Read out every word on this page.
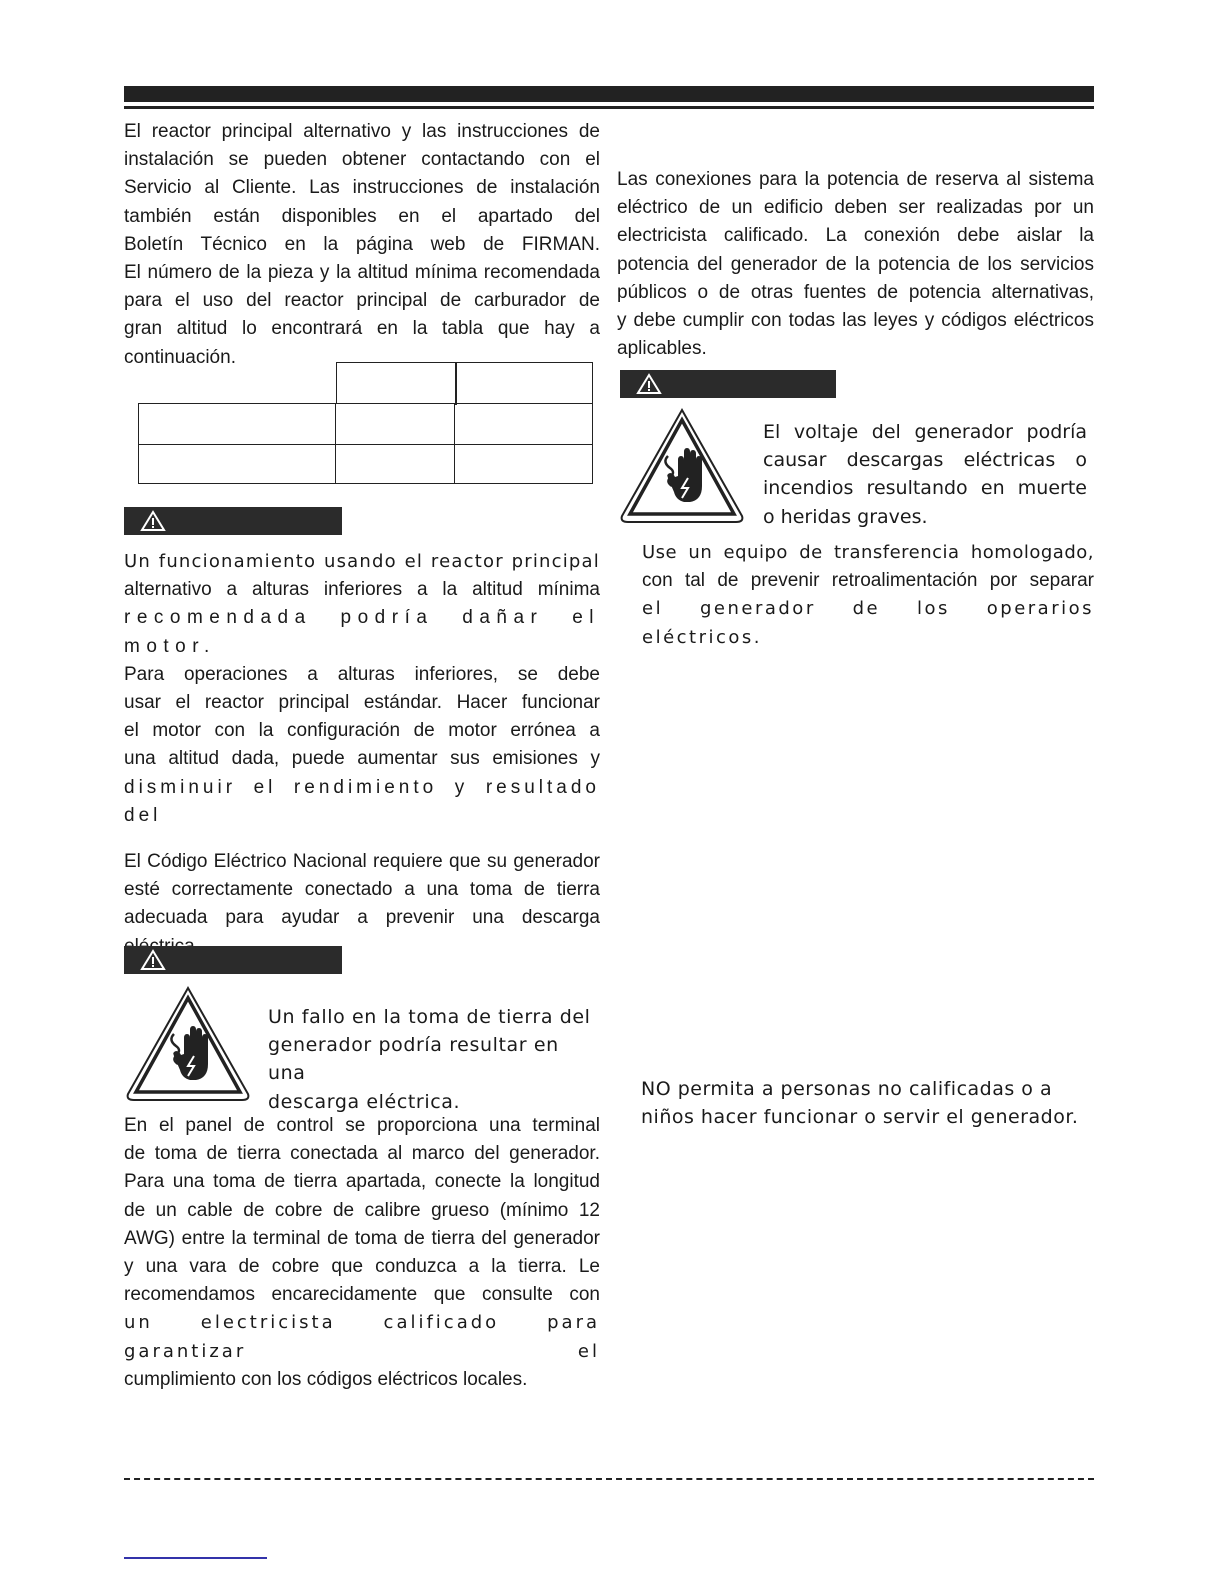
El reactor principal alternativo y las instrucciones de

instalación se pueden obtener contactando con el

Servicio al Cliente. Las instrucciones de instalación

también están disponibles en el apartado del

Boletín Técnico en la página web de FIRMAN.

El número de la pieza y la altitud mínima recomendada

para el uso del reactor principal de carburador de

gran altitud lo encontrará en la tabla que hay a

continuación.

Un funcionamiento usando el reactor principal

alternativo a alturas inferiores a la altitud mínima

recomendada podría dañar el motor.

Para operaciones a alturas inferiores, se debe

usar el reactor principal estándar. Hacer funcionar

el motor con la configuración de motor errónea a

una altitud dada, puede aumentar sus emisiones y

disminuir el rendimiento y resultado del

El Código Eléctrico Nacional requiere que su generador

esté correctamente conectado a una toma de tierra

adecuada para ayudar a prevenir una descarga

Un fallo en la toma de tierra del

generador podría resultar en una

descarga eléctrica.

En el panel de control se proporciona una terminal

de toma de tierra conectada al marco del generador.

Para una toma de tierra apartada, conecte la longitud

de un cable de cobre de calibre grueso (mínimo 12

AWG) entre la terminal de toma de tierra del generador

y una vara de cobre que conduzca a la tierra. Le

recomendamos encarecidamente que consulte con

un electricista calificado para garantizar el

cumplimiento con los códigos eléctricos locales.

Las conexiones para la potencia de reserva al sistema

eléctrico de un edificio deben ser realizadas por un

electricista calificado. La conexión debe aislar la

potencia del generador de la potencia de los servicios

públicos o de otras fuentes de potencia alternativas,

y debe cumplir con todas las leyes y códigos eléctricos

aplicables.

El voltaje del generador podría

causar descargas eléctricas o

incendios resultando en muerte

o heridas graves.

Use un equipo de transferencia homologado,

con tal de prevenir retroalimentación por separar

el generador de los operarios eléctricos.

NO permita a personas no calificadas o a

niños hacer funcionar o servir el generador.
